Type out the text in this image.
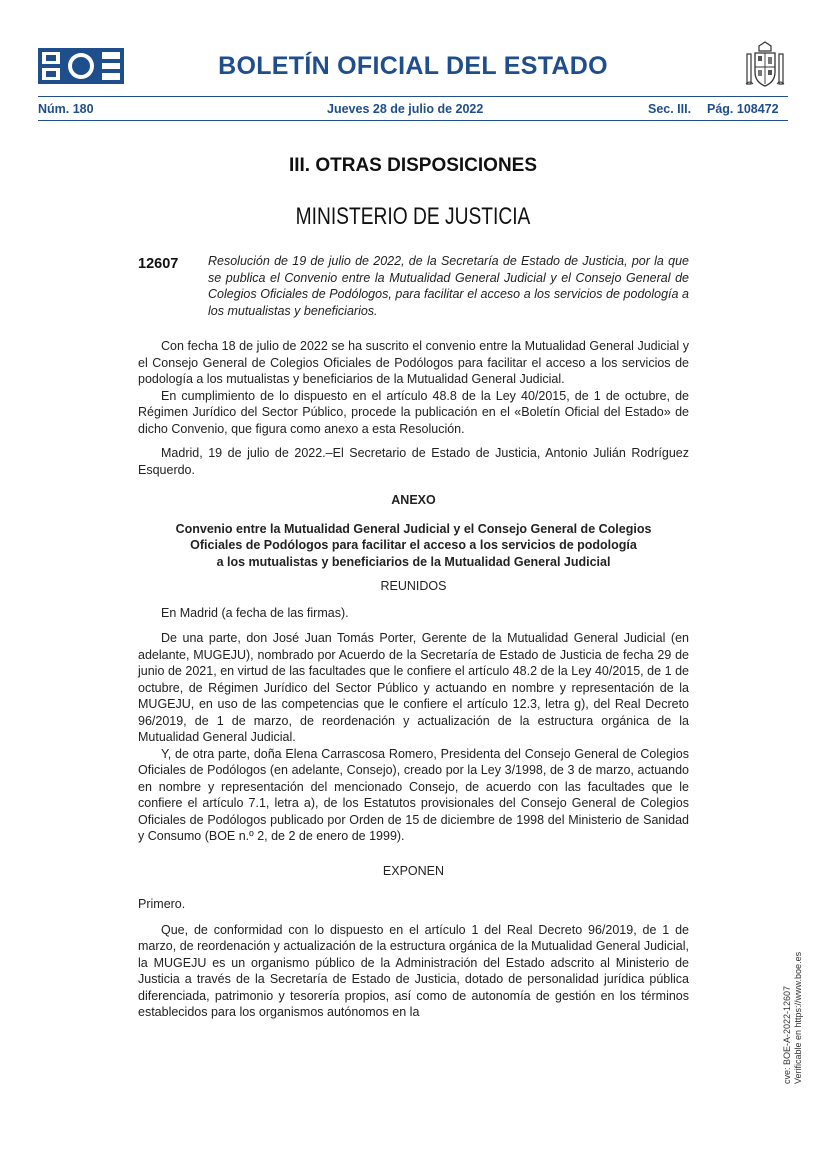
BOLETÍN OFICIAL DEL ESTADO
Núm. 180	Jueves 28 de julio de 2022	Sec. III. Pág. 108472
III. OTRAS DISPOSICIONES
MINISTERIO DE JUSTICIA
12607 Resolución de 19 de julio de 2022, de la Secretaría de Estado de Justicia, por la que se publica el Convenio entre la Mutualidad General Judicial y el Consejo General de Colegios Oficiales de Podólogos, para facilitar el acceso a los servicios de podología a los mutualistas y beneficiarios.

Con fecha 18 de julio de 2022 se ha suscrito el convenio entre la Mutualidad General Judicial y el Consejo General de Colegios Oficiales de Podólogos para facilitar el acceso a los servicios de podología a los mutualistas y beneficiarios de la Mutualidad General Judicial.

En cumplimiento de lo dispuesto en el artículo 48.8 de la Ley 40/2015, de 1 de octubre, de Régimen Jurídico del Sector Público, procede la publicación en el «Boletín Oficial del Estado» de dicho Convenio, que figura como anexo a esta Resolución.

Madrid, 19 de julio de 2022.–El Secretario de Estado de Justicia, Antonio Julián Rodríguez Esquerdo.

ANEXO

Convenio entre la Mutualidad General Judicial y el Consejo General de Colegios

Oficiales de Podólogos para facilitar el acceso a los servicios de podología

a los mutualistas y beneficiarios de la Mutualidad General Judicial

REUNIDOS

En Madrid (a fecha de las firmas).

De una parte, don José Juan Tomás Porter, Gerente de la Mutualidad General Judicial (en adelante, MUGEJU), nombrado por Acuerdo de la Secretaría de Estado de Justicia de fecha 29 de junio de 2021, en virtud de las facultades que le confiere el artículo 48.2 de la Ley 40/2015, de 1 de octubre, de Régimen Jurídico del Sector Público y actuando en nombre y representación de la MUGEJU, en uso de las competencias que le confiere el artículo 12.3, letra g), del Real Decreto 96/2019, de 1 de marzo, de reordenación y actualización de la estructura orgánica de la Mutualidad General Judicial.

Y, de otra parte, doña Elena Carrascosa Romero, Presidenta del Consejo General de Colegios Oficiales de Podólogos (en adelante, Consejo), creado por la Ley 3/1998, de 3 de marzo, actuando en nombre y representación del mencionado Consejo, de acuerdo con las facultades que le confiere el artículo 7.1, letra a), de los Estatutos provisionales del Consejo General de Colegios Oficiales de Podólogos publicado por Orden de 15 de diciembre de 1998 del Ministerio de Sanidad y Consumo (BOE n.º 2, de 2 de enero de 1999).

EXPONEN

Primero.

Que, de conformidad con lo dispuesto en el artículo 1 del Real Decreto 96/2019, de 1 de marzo, de reordenación y actualización de la estructura orgánica de la Mutualidad General Judicial, la MUGEJU es un organismo público de la Administración del Estado adscrito al Ministerio de Justicia a través de la Secretaría de Estado de Justicia, dotado de personalidad jurídica pública diferenciada, patrimonio y tesorería propios, así como de autonomía de gestión en los términos establecidos para los organismos autónomos en la	cve: BOE-A-2022-12607 Verificable en https://www.boe.es
